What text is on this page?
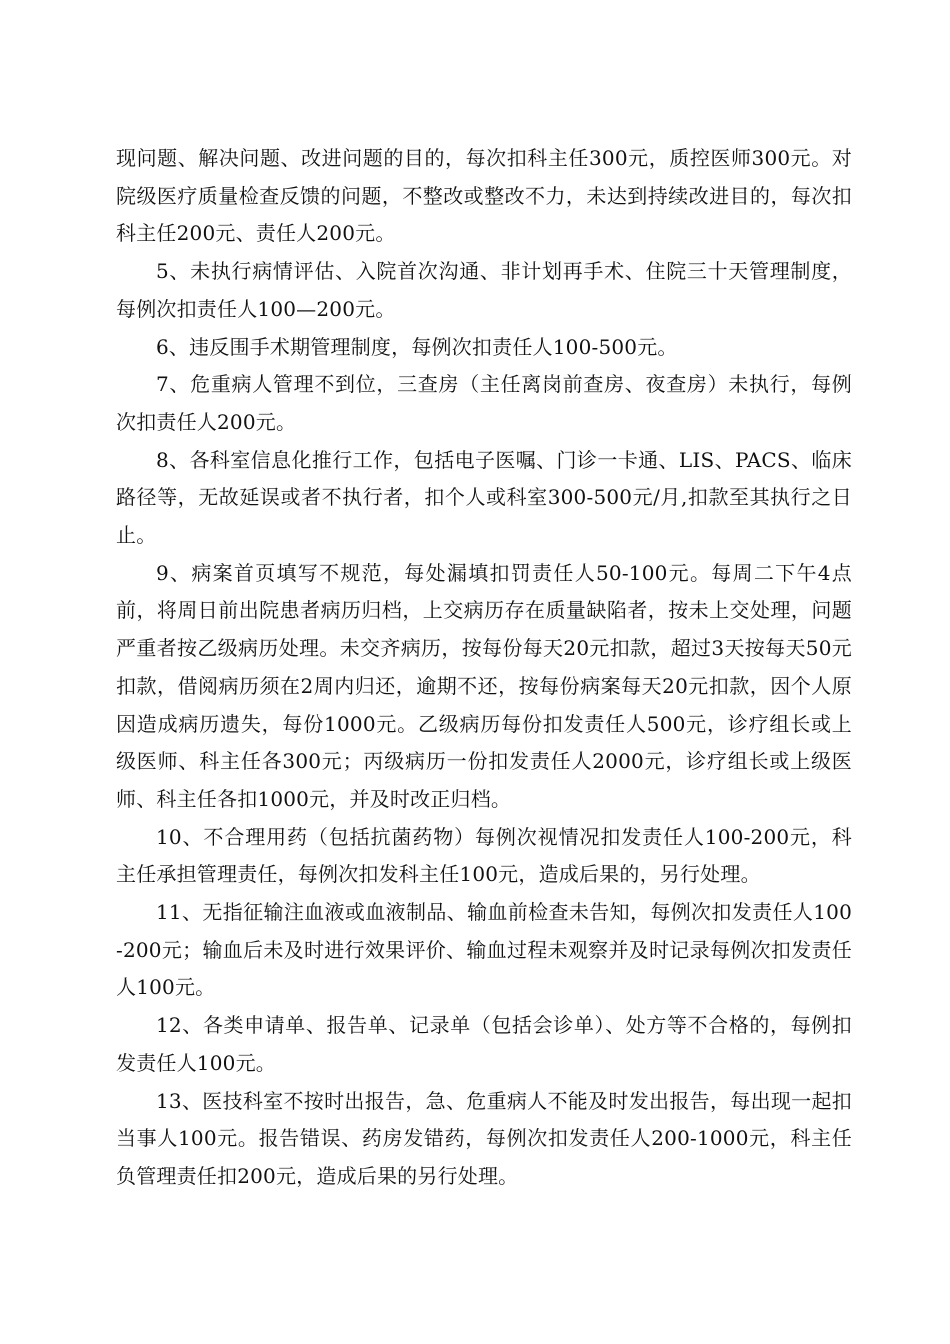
现问题、解决问题、改进问题的目的，每次扣科主任300元，质控医师300元。对院级医疗质量检查反馈的问题，不整改或整改不力，未达到持续改进目的，每次扣科主任200元、责任人200元。

5、未执行病情评估、入院首次沟通、非计划再手术、住院三十天管理制度，每例次扣责任人100—200元。

6、违反围手术期管理制度，每例次扣责任人100-500元。

7、危重病人管理不到位，三查房（主任离岗前查房、夜查房）未执行，每例次扣责任人200元。

8、各科室信息化推行工作，包括电子医嘱、门诊一卡通、LIS、PACS、临床路径等，无故延误或者不执行者，扣个人或科室300-500元/月,扣款至其执行之日止。

9、病案首页填写不规范，每处漏填扣罚责任人50-100元。每周二下午4点前，将周日前出院患者病历归档，上交病历存在质量缺陷者，按未上交处理，问题严重者按乙级病历处理。未交齐病历，按每份每天20元扣款，超过3天按每天50元扣款，借阅病历须在2周内归还，逾期不还，按每份病案每天20元扣款，因个人原因造成病历遗失，每份1000元。乙级病历每份扣发责任人500元，诊疗组长或上级医师、科主任各300元；丙级病历一份扣发责任人2000元，诊疗组长或上级医师、科主任各扣1000元，并及时改正归档。

10、不合理用药（包括抗菌药物）每例次视情况扣发责任人100-200元，科主任承担管理责任，每例次扣发科主任100元，造成后果的，另行处理。

11、无指征输注血液或血液制品、输血前检查未告知，每例次扣发责任人100-200元；输血后未及时进行效果评价、输血过程未观察并及时记录每例次扣发责任人100元。

12、各类申请单、报告单、记录单（包括会诊单）、处方等不合格的，每例扣发责任人100元。

13、医技科室不按时出报告，急、危重病人不能及时发出报告，每出现一起扣当事人100元。报告错误、药房发错药，每例次扣发责任人200-1000元，科主任负管理责任扣200元，造成后果的另行处理。
